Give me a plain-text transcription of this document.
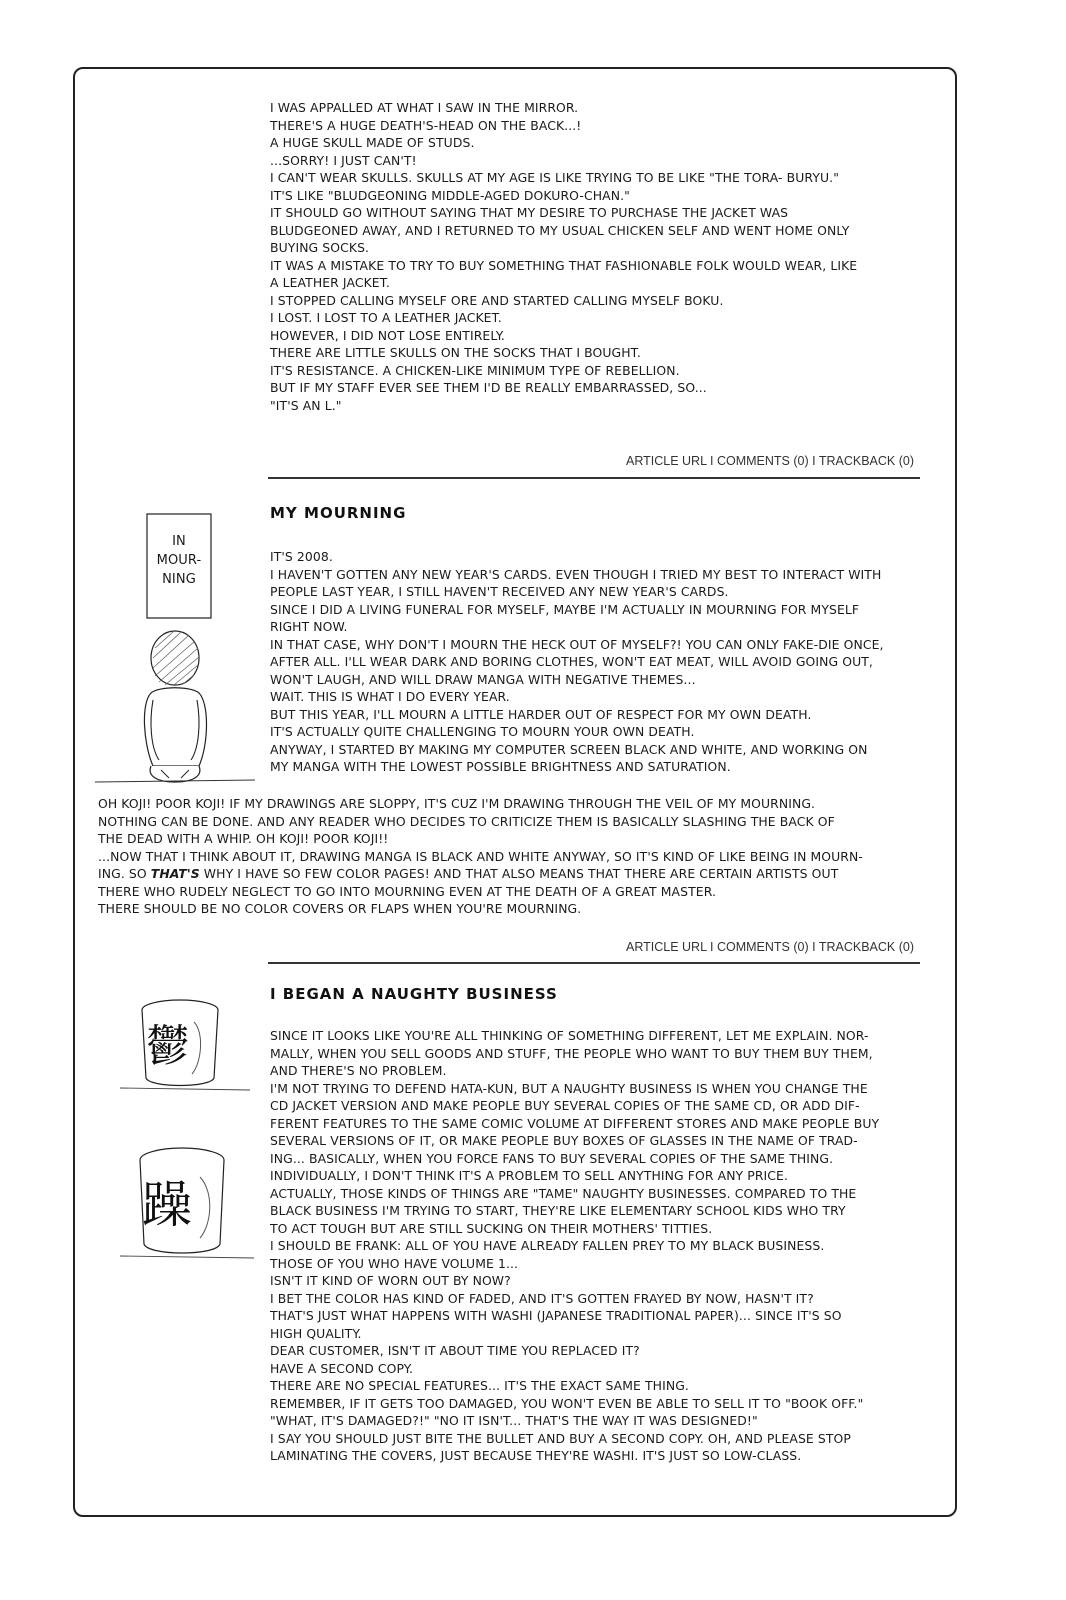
I WAS APPALLED AT WHAT I SAW IN THE MIRROR.

THERE'S A HUGE DEATH'S-HEAD ON THE BACK...!

A HUGE SKULL MADE OF STUDS.

...SORRY! I JUST CAN'T!

I CAN'T WEAR SKULLS. SKULLS AT MY AGE IS LIKE TRYING TO BE LIKE "THE TORA- BURYU."

IT'S LIKE "BLUDGEONING MIDDLE-AGED DOKURO-CHAN."

IT SHOULD GO WITHOUT SAYING THAT MY DESIRE TO PURCHASE THE JACKET WAS

BLUDGEONED AWAY, AND I RETURNED TO MY USUAL CHICKEN SELF AND WENT HOME ONLY

BUYING SOCKS.

IT WAS A MISTAKE TO TRY TO BUY SOMETHING THAT FASHIONABLE FOLK WOULD WEAR, LIKE

A LEATHER JACKET.

I STOPPED CALLING MYSELF ORE AND STARTED CALLING MYSELF BOKU.

I LOST. I LOST TO A LEATHER JACKET.

HOWEVER, I DID NOT LOSE ENTIRELY.

THERE ARE LITTLE SKULLS ON THE SOCKS THAT I BOUGHT.

IT'S RESISTANCE. A CHICKEN-LIKE MINIMUM TYPE OF REBELLION.

BUT IF MY STAFF EVER SEE THEM I'D BE REALLY EMBARRASSED, SO...

"IT'S AN L."

ARTICLE URL I COMMENTS (0) I TRACKBACK (0)
MY MOURNING

IN

MOUR-

NING

IT'S 2008.

I HAVEN'T GOTTEN ANY NEW YEAR'S CARDS. EVEN THOUGH I TRIED MY BEST TO INTERACT WITH

PEOPLE LAST YEAR, I STILL HAVEN'T RECEIVED ANY NEW YEAR'S CARDS.

SINCE I DID A LIVING FUNERAL FOR MYSELF, MAYBE I'M ACTUALLY IN MOURNING FOR MYSELF

RIGHT NOW.

IN THAT CASE, WHY DON'T I MOURN THE HECK OUT OF MYSELF?! YOU CAN ONLY FAKE-DIE ONCE,

AFTER ALL. I'LL WEAR DARK AND BORING CLOTHES, WON'T EAT MEAT, WILL AVOID GOING OUT,

WON'T LAUGH, AND WILL DRAW MANGA WITH NEGATIVE THEMES...

WAIT. THIS IS WHAT I DO EVERY YEAR.

BUT THIS YEAR, I'LL MOURN A LITTLE HARDER OUT OF RESPECT FOR MY OWN DEATH.

IT'S ACTUALLY QUITE CHALLENGING TO MOURN YOUR OWN DEATH.

ANYWAY, I STARTED BY MAKING MY COMPUTER SCREEN BLACK AND WHITE, AND WORKING ON

MY MANGA WITH THE LOWEST POSSIBLE BRIGHTNESS AND SATURATION.

OH KOJI! POOR KOJI! IF MY DRAWINGS ARE SLOPPY, IT'S CUZ I'M DRAWING THROUGH THE VEIL OF MY MOURNING.

NOTHING CAN BE DONE. AND ANY READER WHO DECIDES TO CRITICIZE THEM IS BASICALLY SLASHING THE BACK OF

THE DEAD WITH A WHIP. OH KOJI! POOR KOJI!!

...NOW THAT I THINK ABOUT IT, DRAWING MANGA IS BLACK AND WHITE ANYWAY, SO IT'S KIND OF LIKE BEING IN MOURN-

ING. SO THAT'S WHY I HAVE SO FEW COLOR PAGES! AND THAT ALSO MEANS THAT THERE ARE CERTAIN ARTISTS OUT

THERE WHO RUDELY NEGLECT TO GO INTO MOURNING EVEN AT THE DEATH OF A GREAT MASTER.

THERE SHOULD BE NO COLOR COVERS OR FLAPS WHEN YOU'RE MOURNING.

ARTICLE URL I COMMENTS (0) I TRACKBACK (0)
I BEGAN A NAUGHTY BUSINESS
鬱
躁

SINCE IT LOOKS LIKE YOU'RE ALL THINKING OF SOMETHING DIFFERENT, LET ME EXPLAIN. NOR-

MALLY, WHEN YOU SELL GOODS AND STUFF, THE PEOPLE WHO WANT TO BUY THEM BUY THEM,

AND THERE'S NO PROBLEM.

I'M NOT TRYING TO DEFEND HATA-KUN, BUT A NAUGHTY BUSINESS IS WHEN YOU CHANGE THE

CD JACKET VERSION AND MAKE PEOPLE BUY SEVERAL COPIES OF THE SAME CD, OR ADD DIF-

FERENT FEATURES TO THE SAME COMIC VOLUME AT DIFFERENT STORES AND MAKE PEOPLE BUY

SEVERAL VERSIONS OF IT, OR MAKE PEOPLE BUY BOXES OF GLASSES IN THE NAME OF TRAD-

ING... BASICALLY, WHEN YOU FORCE FANS TO BUY SEVERAL COPIES OF THE SAME THING.

INDIVIDUALLY, I DON'T THINK IT'S A PROBLEM TO SELL ANYTHING FOR ANY PRICE.

ACTUALLY, THOSE KINDS OF THINGS ARE "TAME" NAUGHTY BUSINESSES. COMPARED TO THE

BLACK BUSINESS I'M TRYING TO START, THEY'RE LIKE ELEMENTARY SCHOOL KIDS WHO TRY

TO ACT TOUGH BUT ARE STILL SUCKING ON THEIR MOTHERS' TITTIES.

I SHOULD BE FRANK: ALL OF YOU HAVE ALREADY FALLEN PREY TO MY BLACK BUSINESS.

THOSE OF YOU WHO HAVE VOLUME 1...

ISN'T IT KIND OF WORN OUT BY NOW?

I BET THE COLOR HAS KIND OF FADED, AND IT'S GOTTEN FRAYED BY NOW, HASN'T IT?

THAT'S JUST WHAT HAPPENS WITH WASHI (JAPANESE TRADITIONAL PAPER)... SINCE IT'S SO

HIGH QUALITY.

DEAR CUSTOMER, ISN'T IT ABOUT TIME YOU REPLACED IT?

HAVE A SECOND COPY.

THERE ARE NO SPECIAL FEATURES... IT'S THE EXACT SAME THING.

REMEMBER, IF IT GETS TOO DAMAGED, YOU WON'T EVEN BE ABLE TO SELL IT TO "BOOK OFF."

"WHAT, IT'S DAMAGED?!" "NO IT ISN'T... THAT'S THE WAY IT WAS DESIGNED!"

I SAY YOU SHOULD JUST BITE THE BULLET AND BUY A SECOND COPY. OH, AND PLEASE STOP

LAMINATING THE COVERS, JUST BECAUSE THEY'RE WASHI. IT'S JUST SO LOW-CLASS.
